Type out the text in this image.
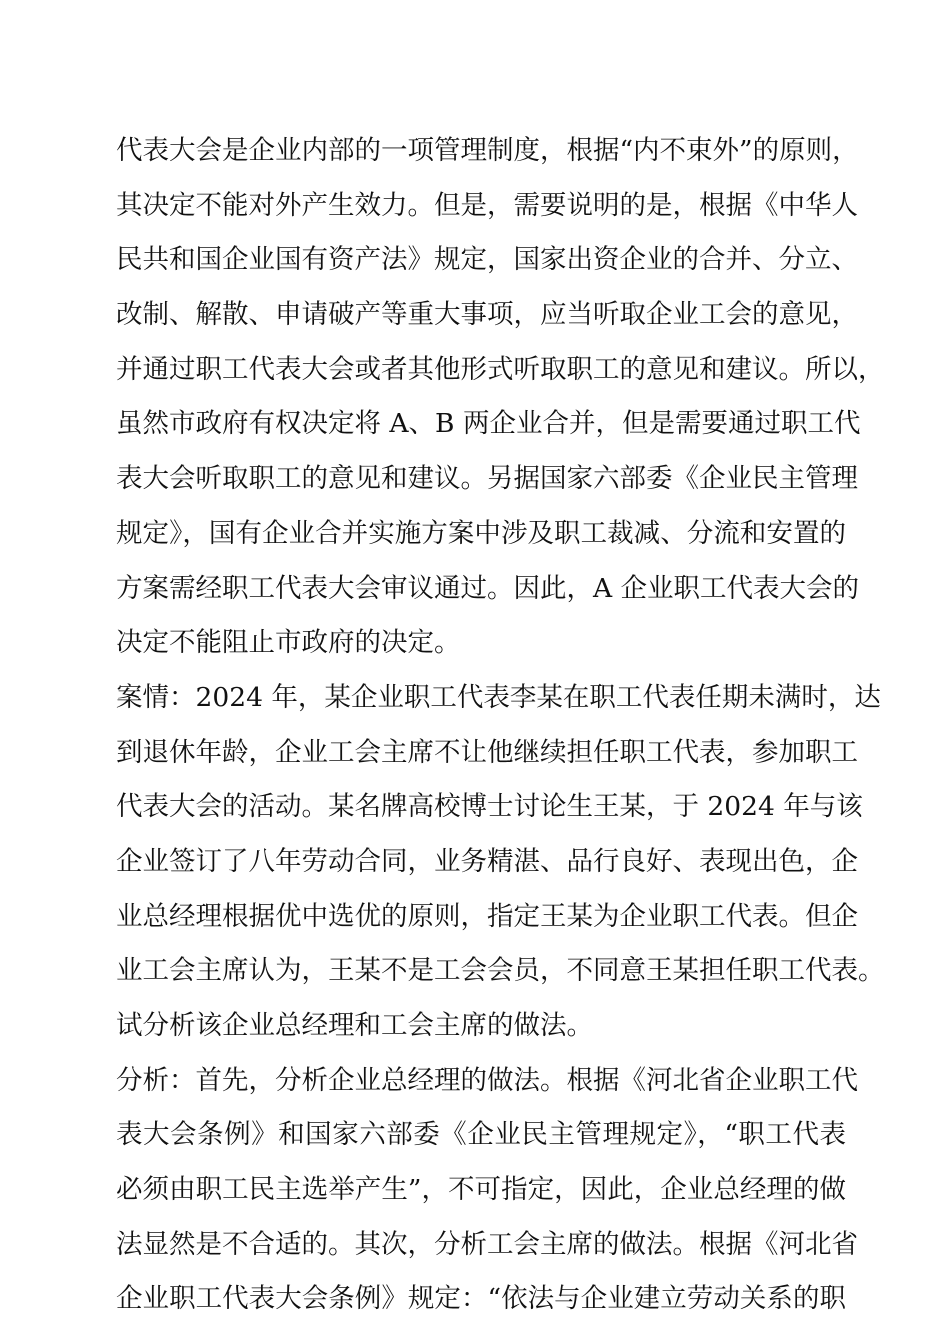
代表大会是企业内部的一项管理制度，根据“内不束外”的原则，
其决定不能对外产生效力。但是，需要说明的是，根据《中华人
民共和国企业国有资产法》规定，国家出资企业的合并、分立、
改制、解散、申请破产等重大事项，应当听取企业工会的意见，
并通过职工代表大会或者其他形式听取职工的意见和建议。所以，
虽然市政府有权决定将 A、B 两企业合并，但是需要通过职工代
表大会听取职工的意见和建议。另据国家六部委《企业民主管理
规定》，国有企业合并实施方案中涉及职工裁减、分流和安置的
方案需经职工代表大会审议通过。因此，A 企业职工代表大会的
决定不能阻止市政府的决定。
案情：2024 年，某企业职工代表李某在职工代表任期未满时，达
到退休年龄，企业工会主席不让他继续担任职工代表，参加职工
代表大会的活动。某名牌高校博士讨论生王某，于 2024 年与该
企业签订了八年劳动合同，业务精湛、品行良好、表现出色，企
业总经理根据优中选优的原则，指定王某为企业职工代表。但企
业工会主席认为，王某不是工会会员，不同意王某担任职工代表。
试分析该企业总经理和工会主席的做法。
分析：首先，分析企业总经理的做法。根据《河北省企业职工代
表大会条例》和国家六部委《企业民主管理规定》，“职工代表
必须由职工民主选举产生”，不可指定，因此，企业总经理的做
法显然是不合适的。其次，分析工会主席的做法。根据《河北省
企业职工代表大会条例》规定：“依法与企业建立劳动关系的职
